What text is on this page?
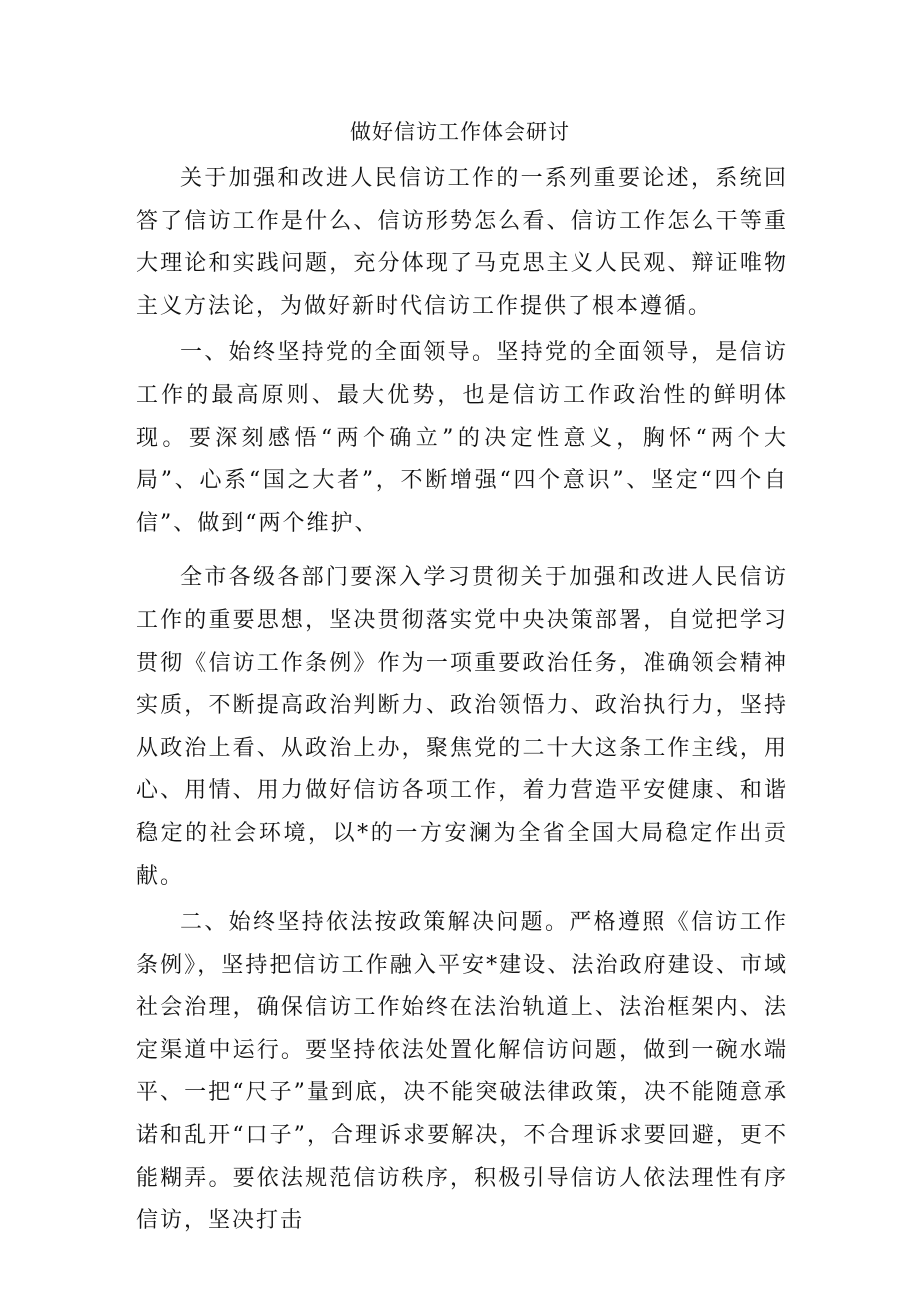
做好信访工作体会研讨

关于加强和改进人民信访工作的一系列重要论述，系统回答了信访工作是什么、信访形势怎么看、信访工作怎么干等重大理论和实践问题，充分体现了马克思主义人民观、辩证唯物主义方法论，为做好新时代信访工作提供了根本遵循。

一、始终坚持党的全面领导。坚持党的全面领导，是信访工作的最高原则、最大优势，也是信访工作政治性的鲜明体现。要深刻感悟“两个确立”的决定性意义，胸怀“两个大局”、心系“国之大者”，不断增强“四个意识”、坚定“四个自信”、做到“两个维护、

全市各级各部门要深入学习贯彻关于加强和改进人民信访工作的重要思想，坚决贯彻落实党中央决策部署，自觉把学习贯彻《信访工作条例》作为一项重要政治任务，准确领会精神实质，不断提高政治判断力、政治领悟力、政治执行力，坚持从政治上看、从政治上办，聚焦党的二十大这条工作主线，用心、用情、用力做好信访各项工作，着力营造平安健康、和谐稳定的社会环境，以*的一方安澜为全省全国大局稳定作出贡献。

二、始终坚持依法按政策解决问题。严格遵照《信访工作条例》，坚持把信访工作融入平安*建设、法治政府建设、市域社会治理，确保信访工作始终在法治轨道上、法治框架内、法定渠道中运行。要坚持依法处置化解信访问题，做到一碗水端平、一把“尺子”量到底，决不能突破法律政策，决不能随意承诺和乱开“口子”，合理诉求要解决，不合理诉求要回避，更不能糊弄。要依法规范信访秩序，积极引导信访人依法理性有序信访，坚决打击
